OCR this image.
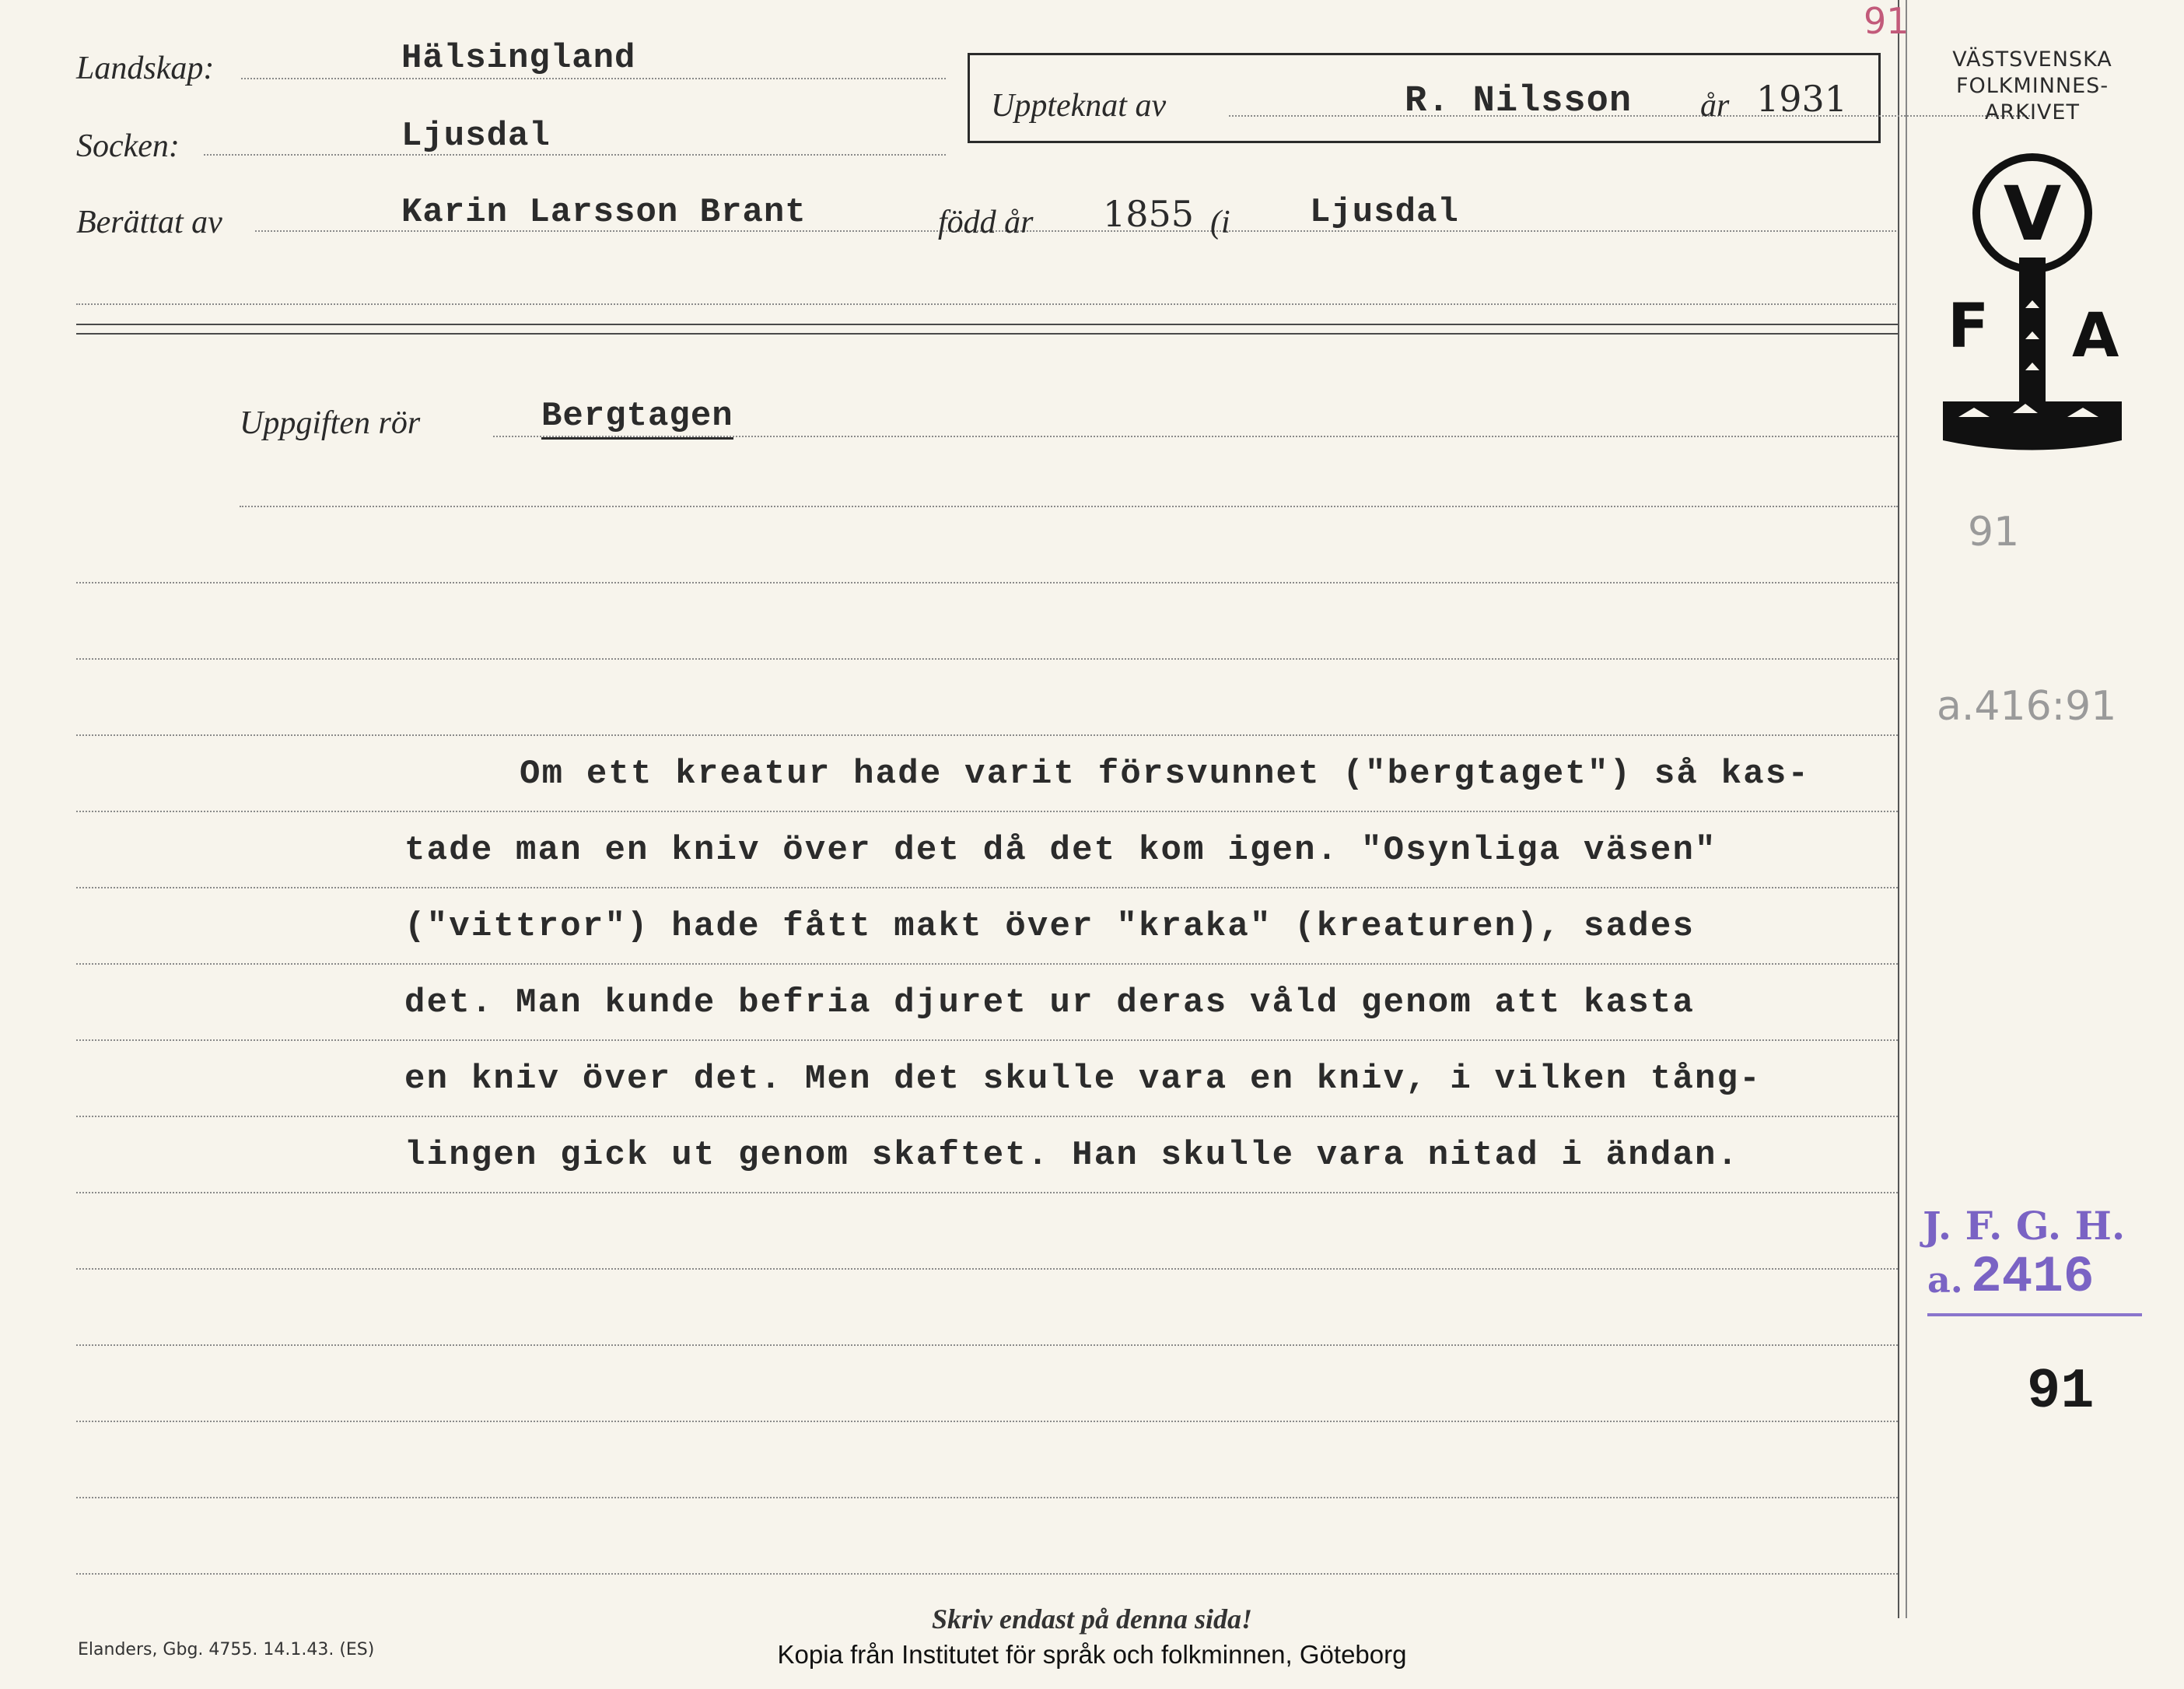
Landskap:	Hälsingland
Socken:	Ljusdal
Berättat av	Karin Larsson Brant	född år 1855 (i Ljusdal
Uppteknat av	R. Nilsson år 1931
Uppgiften rör	Bergtagen
Om ett kreatur hade varit försvunnet ("bergtaget") så kas-
tade man en kniv över det då det kom igen. "Osynliga väsen"
("vittror") hade fått makt över "kraka" (kreaturen), sades
det. Man kunde befria djuret ur deras våld genom att kasta
en kniv över det. Men det skulle vara en kniv, i vilken tång-
lingen gick ut genom skaftet. Han skulle vara nitad i ändan.
VÄSTSVENSKA
FOLKMINNES-
ARKIVET
V
F A
91
91
a.416:91
J. F. G. H.
a. 2416
91
Skriv endast på denna sida!
Elanders, Gbg. 4755. 14.1.43. (ES)	Kopia från Institutet för språk och folkminnen, Göteborg
